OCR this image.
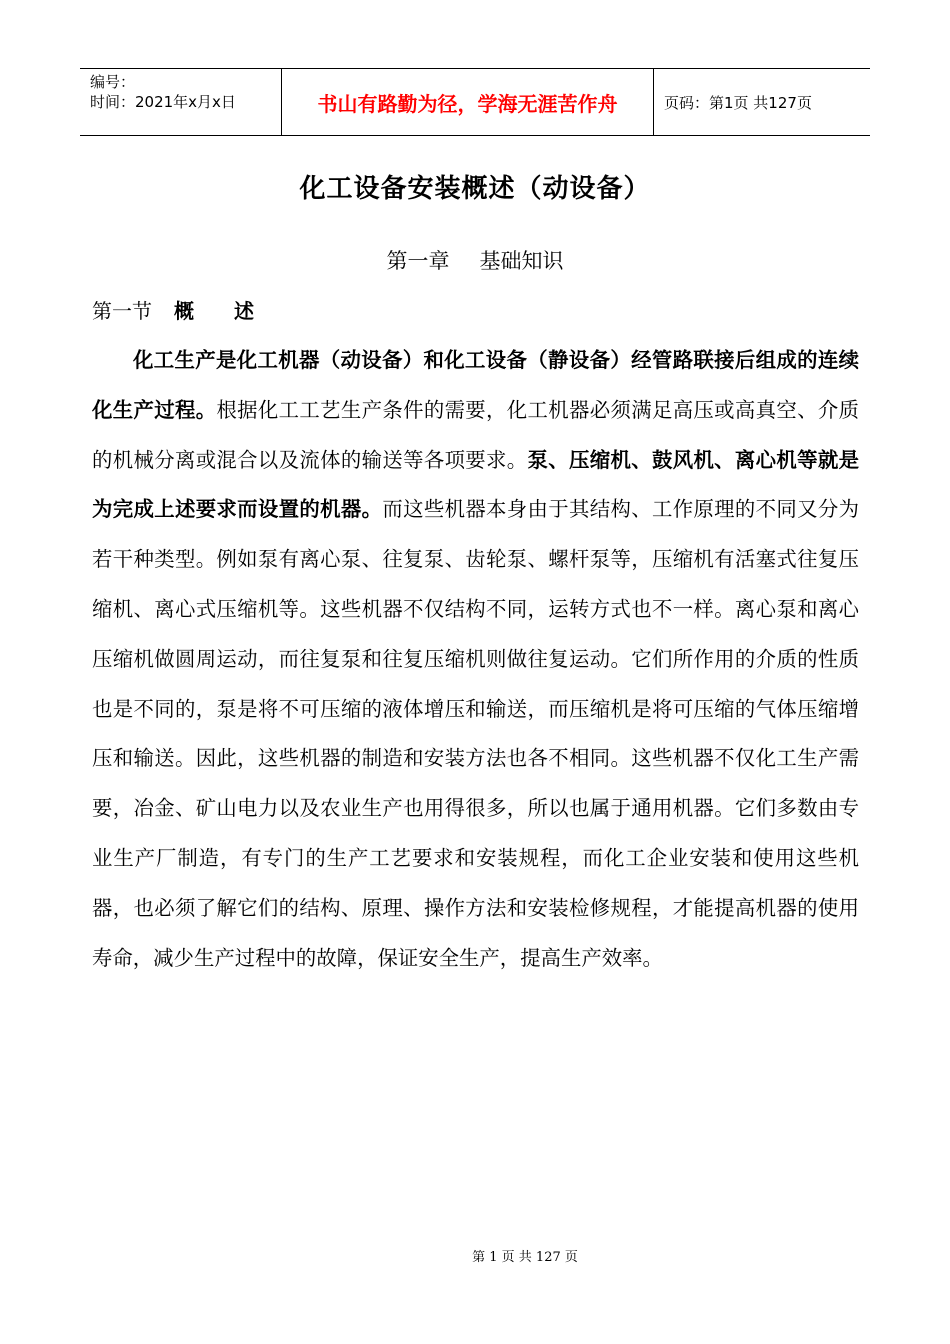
编号：
时间：2021年x月x日	书山有路勤为径，学海无涯苦作舟	页码：第1页 共127页
化工设备安装概述（动设备）
第一章 基础知识
第一节 概述
化工生产是化工机器（动设备）和化工设备（静设备）经管路联接后组成的连续化生产过程。根据化工工艺生产条件的需要，化工机器必须满足高压或高真空、介质的机械分离或混合以及流体的输送等各项要求。泵、压缩机、鼓风机、离心机等就是为完成上述要求而设置的机器。而这些机器本身由于其结构、工作原理的不同又分为若干种类型。例如泵有离心泵、往复泵、齿轮泵、螺杆泵等，压缩机有活塞式往复压缩机、离心式压缩机等。这些机器不仅结构不同，运转方式也不一样。离心泵和离心压缩机做圆周运动，而往复泵和往复压缩机则做往复运动。它们所作用的介质的性质也是不同的，泵是将不可压缩的液体增压和输送，而压缩机是将可压缩的气体压缩增压和输送。因此，这些机器的制造和安装方法也各不相同。这些机器不仅化工生产需要，冶金、矿山电力以及农业生产也用得很多，所以也属于通用机器。它们多数由专业生产厂制造，有专门的生产工艺要求和安装规程，而化工企业安装和使用这些机器，也必须了解它们的结构、原理、操作方法和安装检修规程，才能提高机器的使用寿命，减少生产过程中的故障，保证安全生产，提高生产效率。
第 1 页 共 127 页
